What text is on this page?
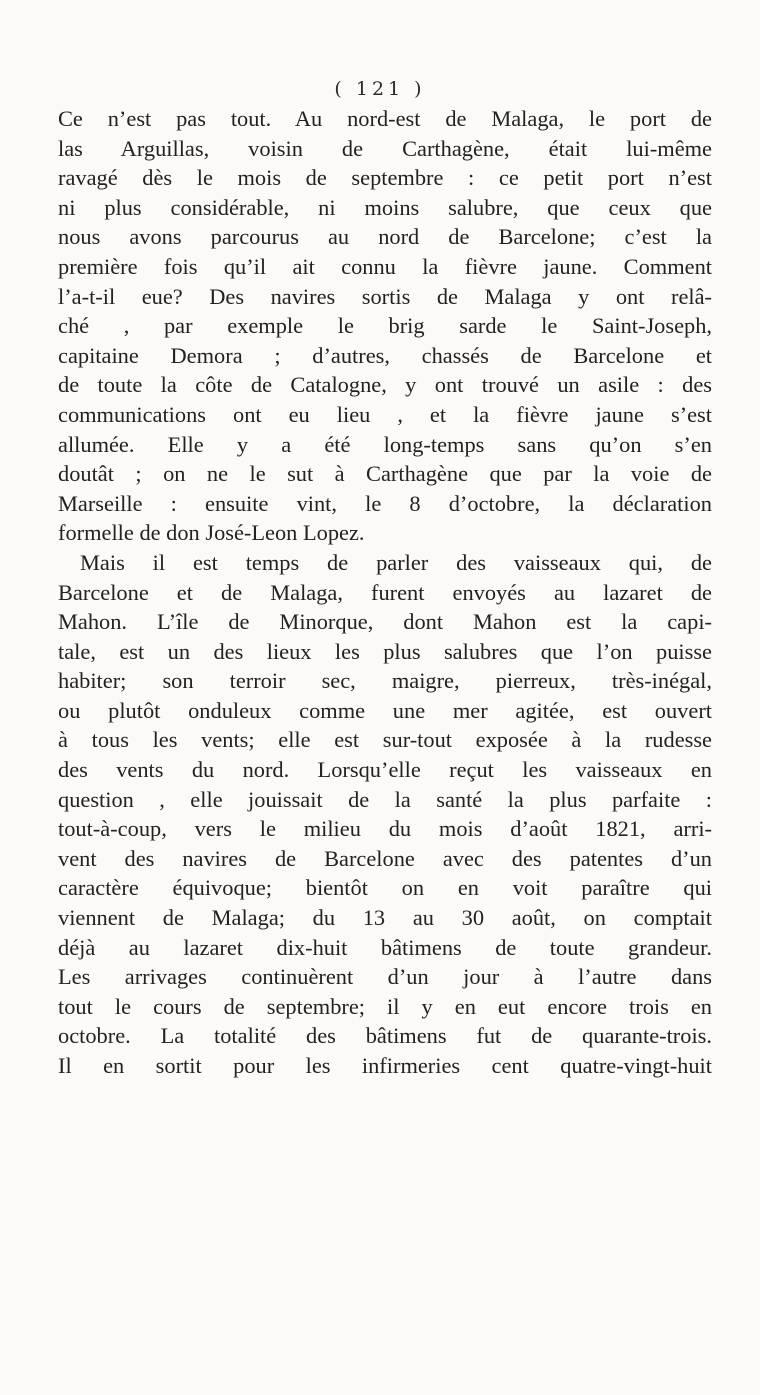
( 121 )
Ce n’est pas tout. Au nord-est de Malaga, le port de
las Arguillas, voisin de Carthagène, était lui-même
ravagé dès le mois de septembre : ce petit port n’est
ni plus considérable, ni moins salubre, que ceux que
nous avons parcourus au nord de Barcelone; c’est la
première fois qu’il ait connu la fièvre jaune. Comment
l’a-t-il eue? Des navires sortis de Malaga y ont relâ-
ché , par exemple le brig sarde le Saint-Joseph,
capitaine Demora ; d’autres, chassés de Barcelone et
de toute la côte de Catalogne, y ont trouvé un asile : des
communications ont eu lieu , et la fièvre jaune s’est
allumée. Elle y a été long-temps sans qu’on s’en
doutât ; on ne le sut à Carthagène que par la voie de
Marseille : ensuite vint, le 8 d’octobre, la déclaration
formelle de don José-Leon Lopez.
Mais il est temps de parler des vaisseaux qui, de
Barcelone et de Malaga, furent envoyés au lazaret de
Mahon. L’île de Minorque, dont Mahon est la capi-
tale, est un des lieux les plus salubres que l’on puisse
habiter; son terroir sec, maigre, pierreux, très-inégal,
ou plutôt onduleux comme une mer agitée, est ouvert
à tous les vents; elle est sur-tout exposée à la rudesse
des vents du nord. Lorsqu’elle reçut les vaisseaux en
question , elle jouissait de la santé la plus parfaite :
tout-à-coup, vers le milieu du mois d’août 1821, arri-
vent des navires de Barcelone avec des patentes d’un
caractère équivoque; bientôt on en voit paraître qui
viennent de Malaga; du 13 au 30 août, on comptait
déjà au lazaret dix-huit bâtimens de toute grandeur.
Les arrivages continuèrent d’un jour à l’autre dans
tout le cours de septembre; il y en eut encore trois en
octobre. La totalité des bâtimens fut de quarante-trois.
Il en sortit pour les infirmeries cent quatre-vingt-huit
